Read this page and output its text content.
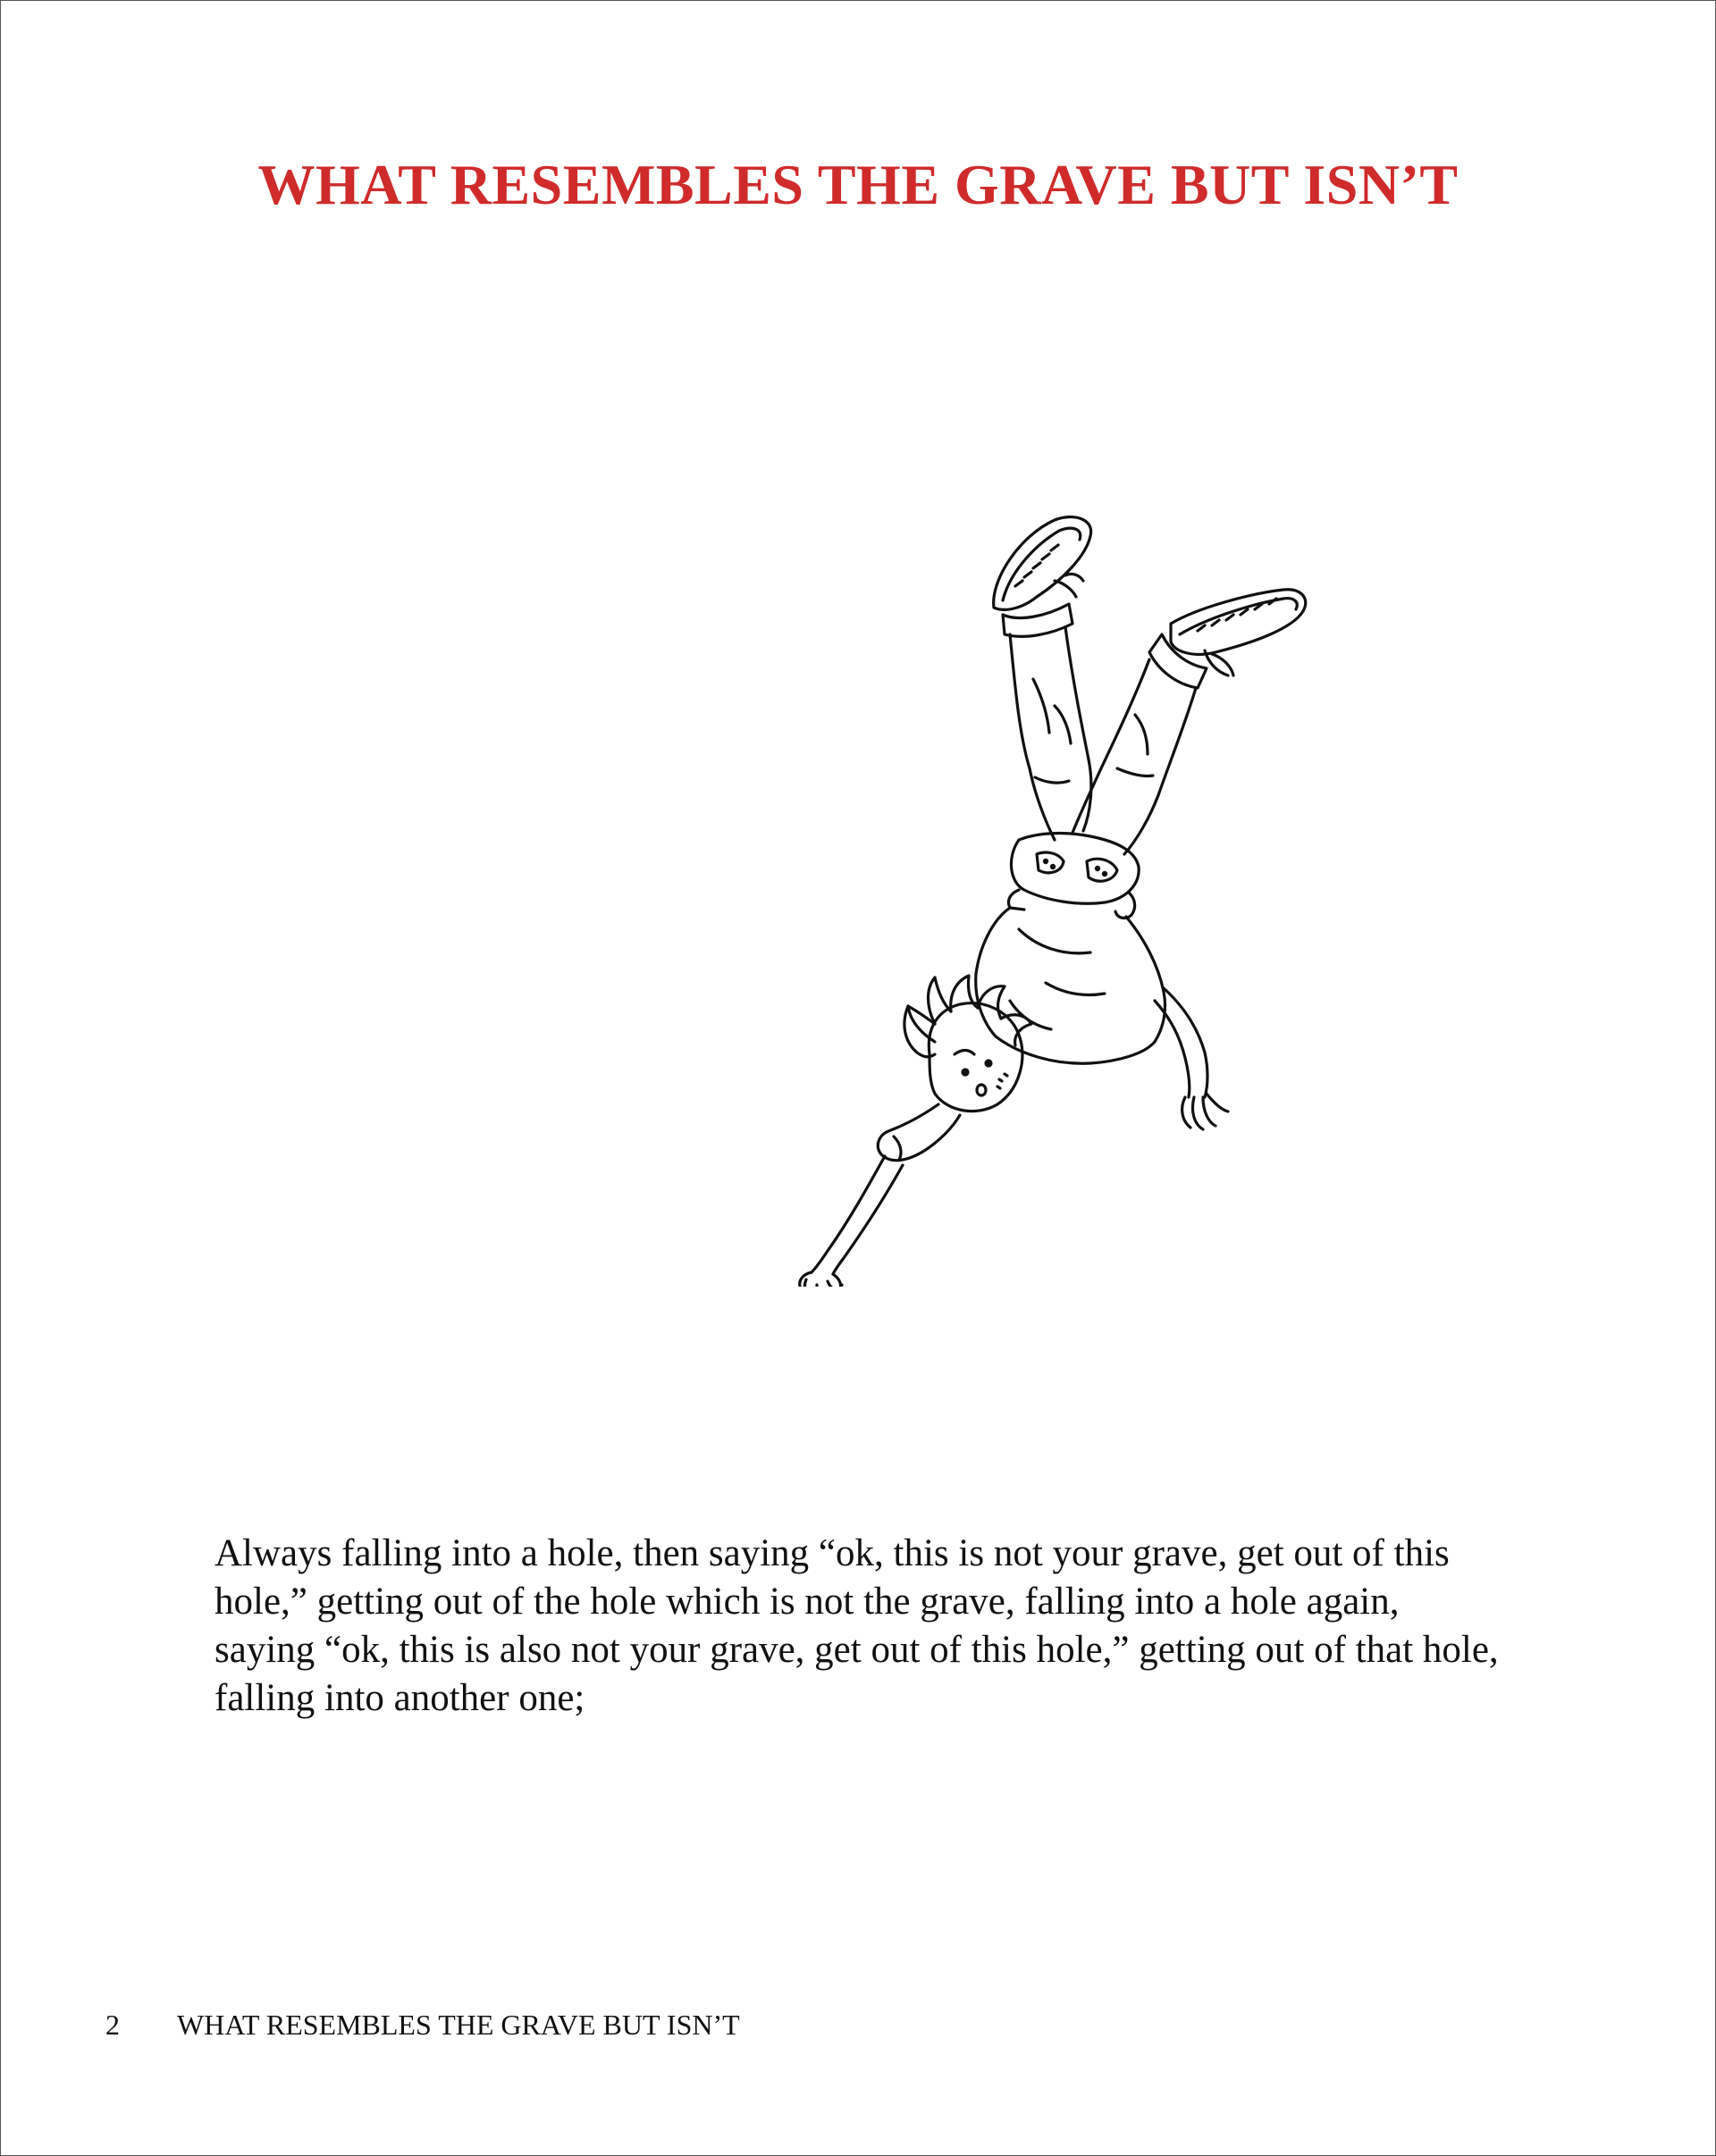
WHAT RESEMBLES THE GRAVE BUT ISN’T

Always falling into a hole, then saying “ok, this is not your grave, get out of this hole,” getting out of the hole which is not the grave, falling into a hole again, saying “ok, this is also not your grave, get out of this hole,” getting out of that hole, falling into another one;

2 WHAT RESEMBLES THE GRAVE BUT ISN’T
